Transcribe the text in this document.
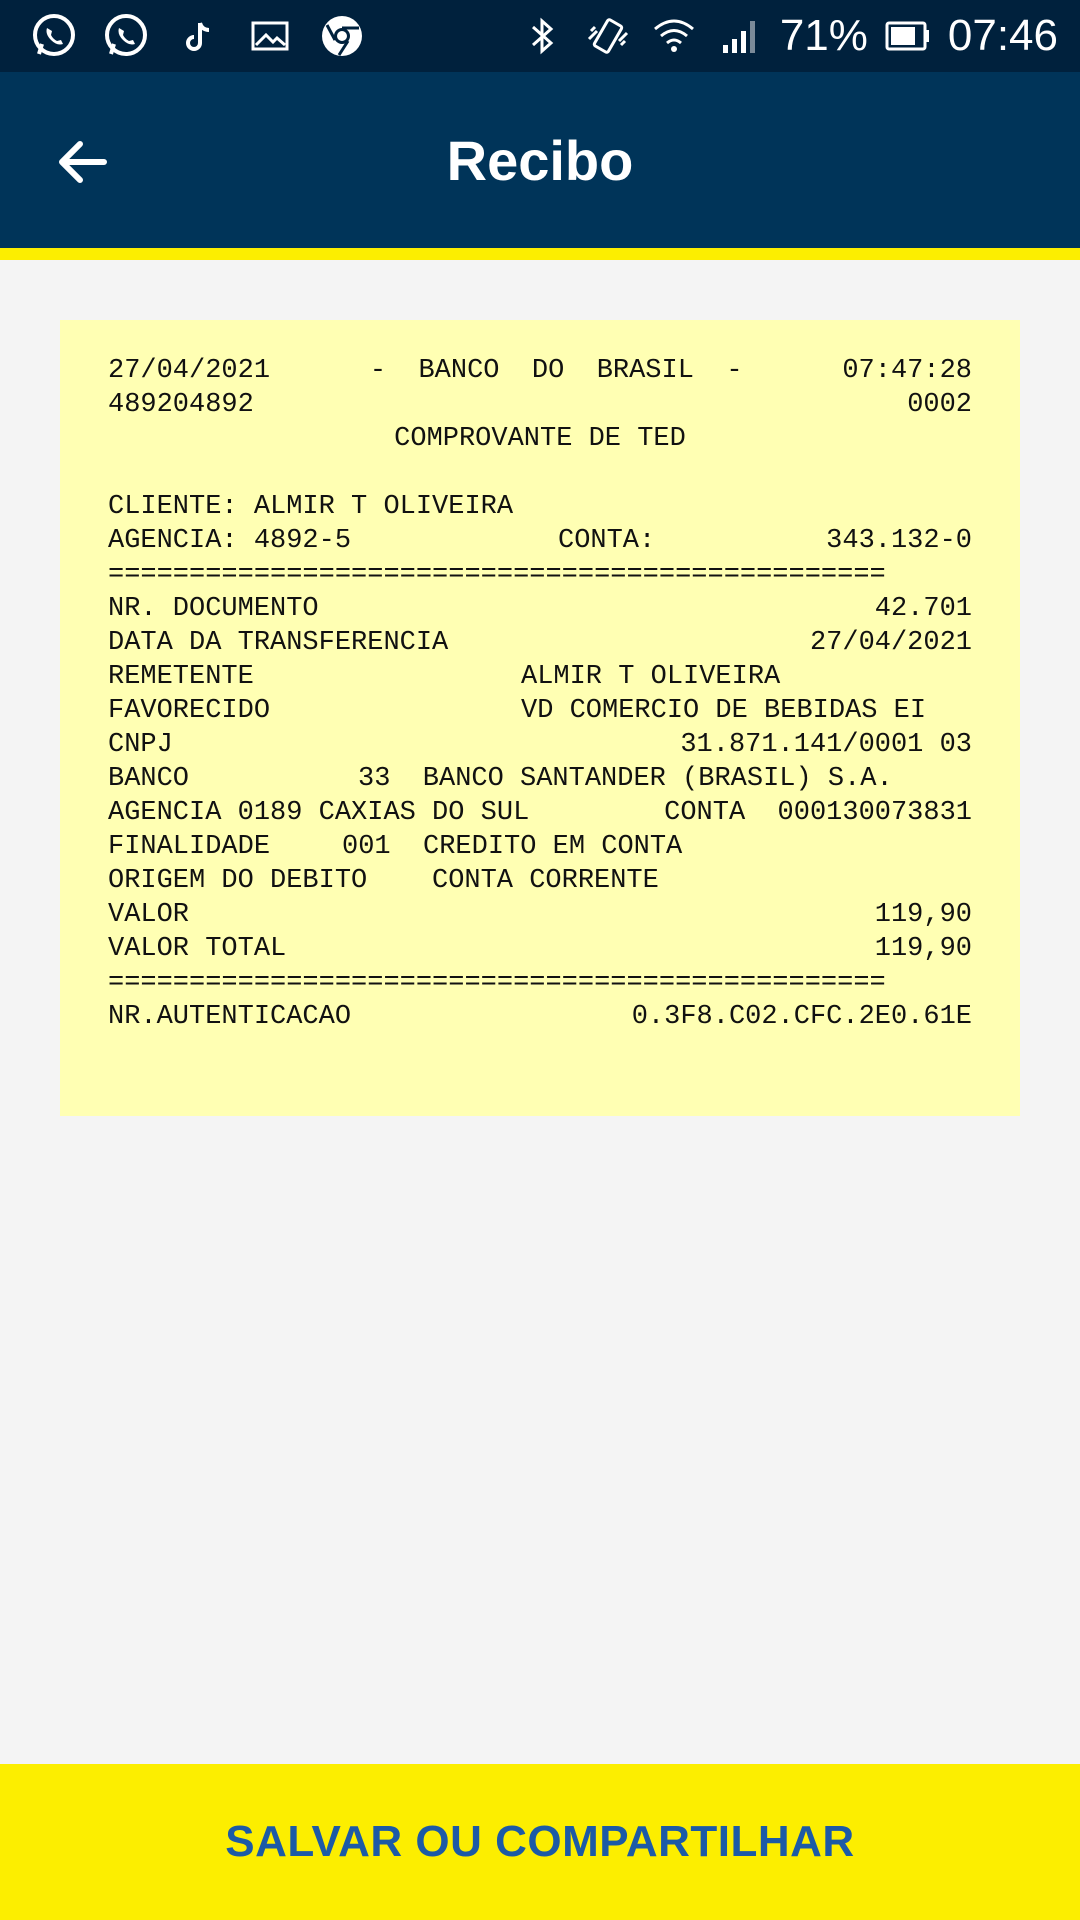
71% 07:46
Recibo
27/04/2021	-  BANCO  DO  BRASIL  -	07:47:28
489204892	0002
COMPROVANTE DE TED
CLIENTE: ALMIR T OLIVEIRA
AGENCIA: 4892-5	CONTA:	343.132-0
================================================
NR. DOCUMENTO	42.701
DATA DA TRANSFERENCIA	27/04/2021
REMETENTE	ALMIR T OLIVEIRA
FAVORECIDO	VD COMERCIO DE BEBIDAS EI
CNPJ	31.871.141/0001 03
BANCO	33  BANCO SANTANDER (BRASIL) S.A.
AGENCIA 0189 CAXIAS DO SUL	CONTA  000130073831
FINALIDADE	001  CREDITO EM CONTA
ORIGEM DO DEBITO	CONTA CORRENTE
VALOR	119,90
VALOR TOTAL	119,90
================================================
NR.AUTENTICACAO	0.3F8.C02.CFC.2E0.61E
SALVAR OU COMPARTILHAR
